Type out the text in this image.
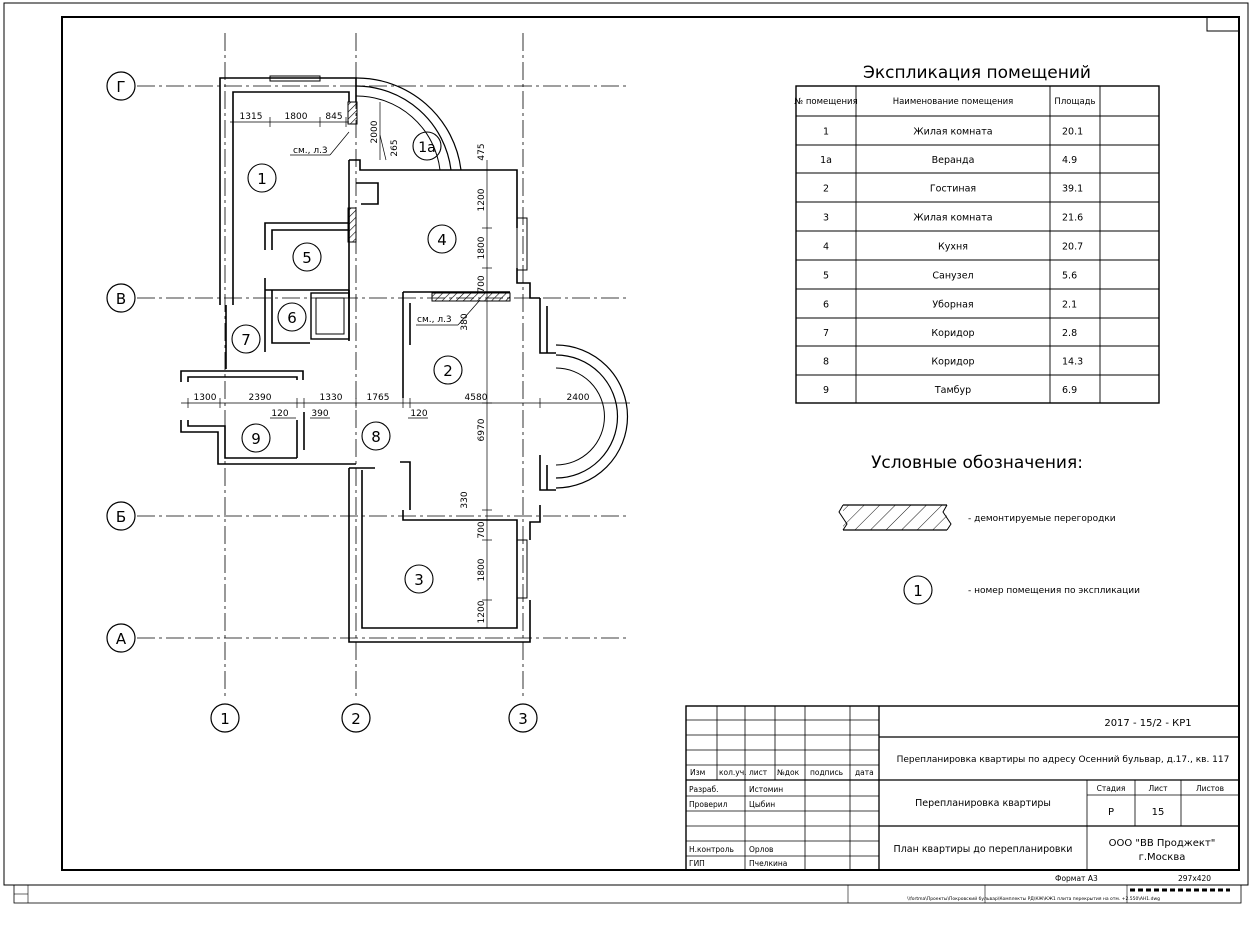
Г
В
Б
А
1	2	3
1
1а
2
3
4
5
6
7
8
9
1315 1800 845
2000
265	475
1200
1800
700
380
1300	2390	1330	1765	4580	2400
120	390	120
6970
330
700
1800
1200
см., л.3
см., л.3
Экспликация помещений
№ помещения	Наименование помещения	Площадь
1	Жилая комната	20.1
1а	Веранда	4.9
2	Гостиная	39.1
3	Жилая комната	21.6
4	Кухня	20.7
5	Санузел	5.6
6	Уборная	2.1
7	Коридор	2.8
8	Коридор	14.3
9	Тамбур	6.9
Условные обозначения:
- демонтируемые перегородки
1	- номер помещения по экспликации
Изм кол.уч. лист №док подпись дата
Разраб.	Истомин
Проверил	Цыбин
Н.контроль Орлов
ГИП	Пчелкина
Стадия	Лист	Листов
2017 - 15/2 - КР1
Перепланировка квартиры по адресу Осенний бульвар, д.17., кв. 117
Перепланировка квартиры
План квартиры до перепланировки
Р	15
ООО "ВВ Проджект"
г.Москва
Формат А3	297х420
\\fortma\Проекты\Покровский бульвар\Комплекты РД\КЖ\КЖ1 плита перекрытия на отм. +2.550\АН1.dwg
